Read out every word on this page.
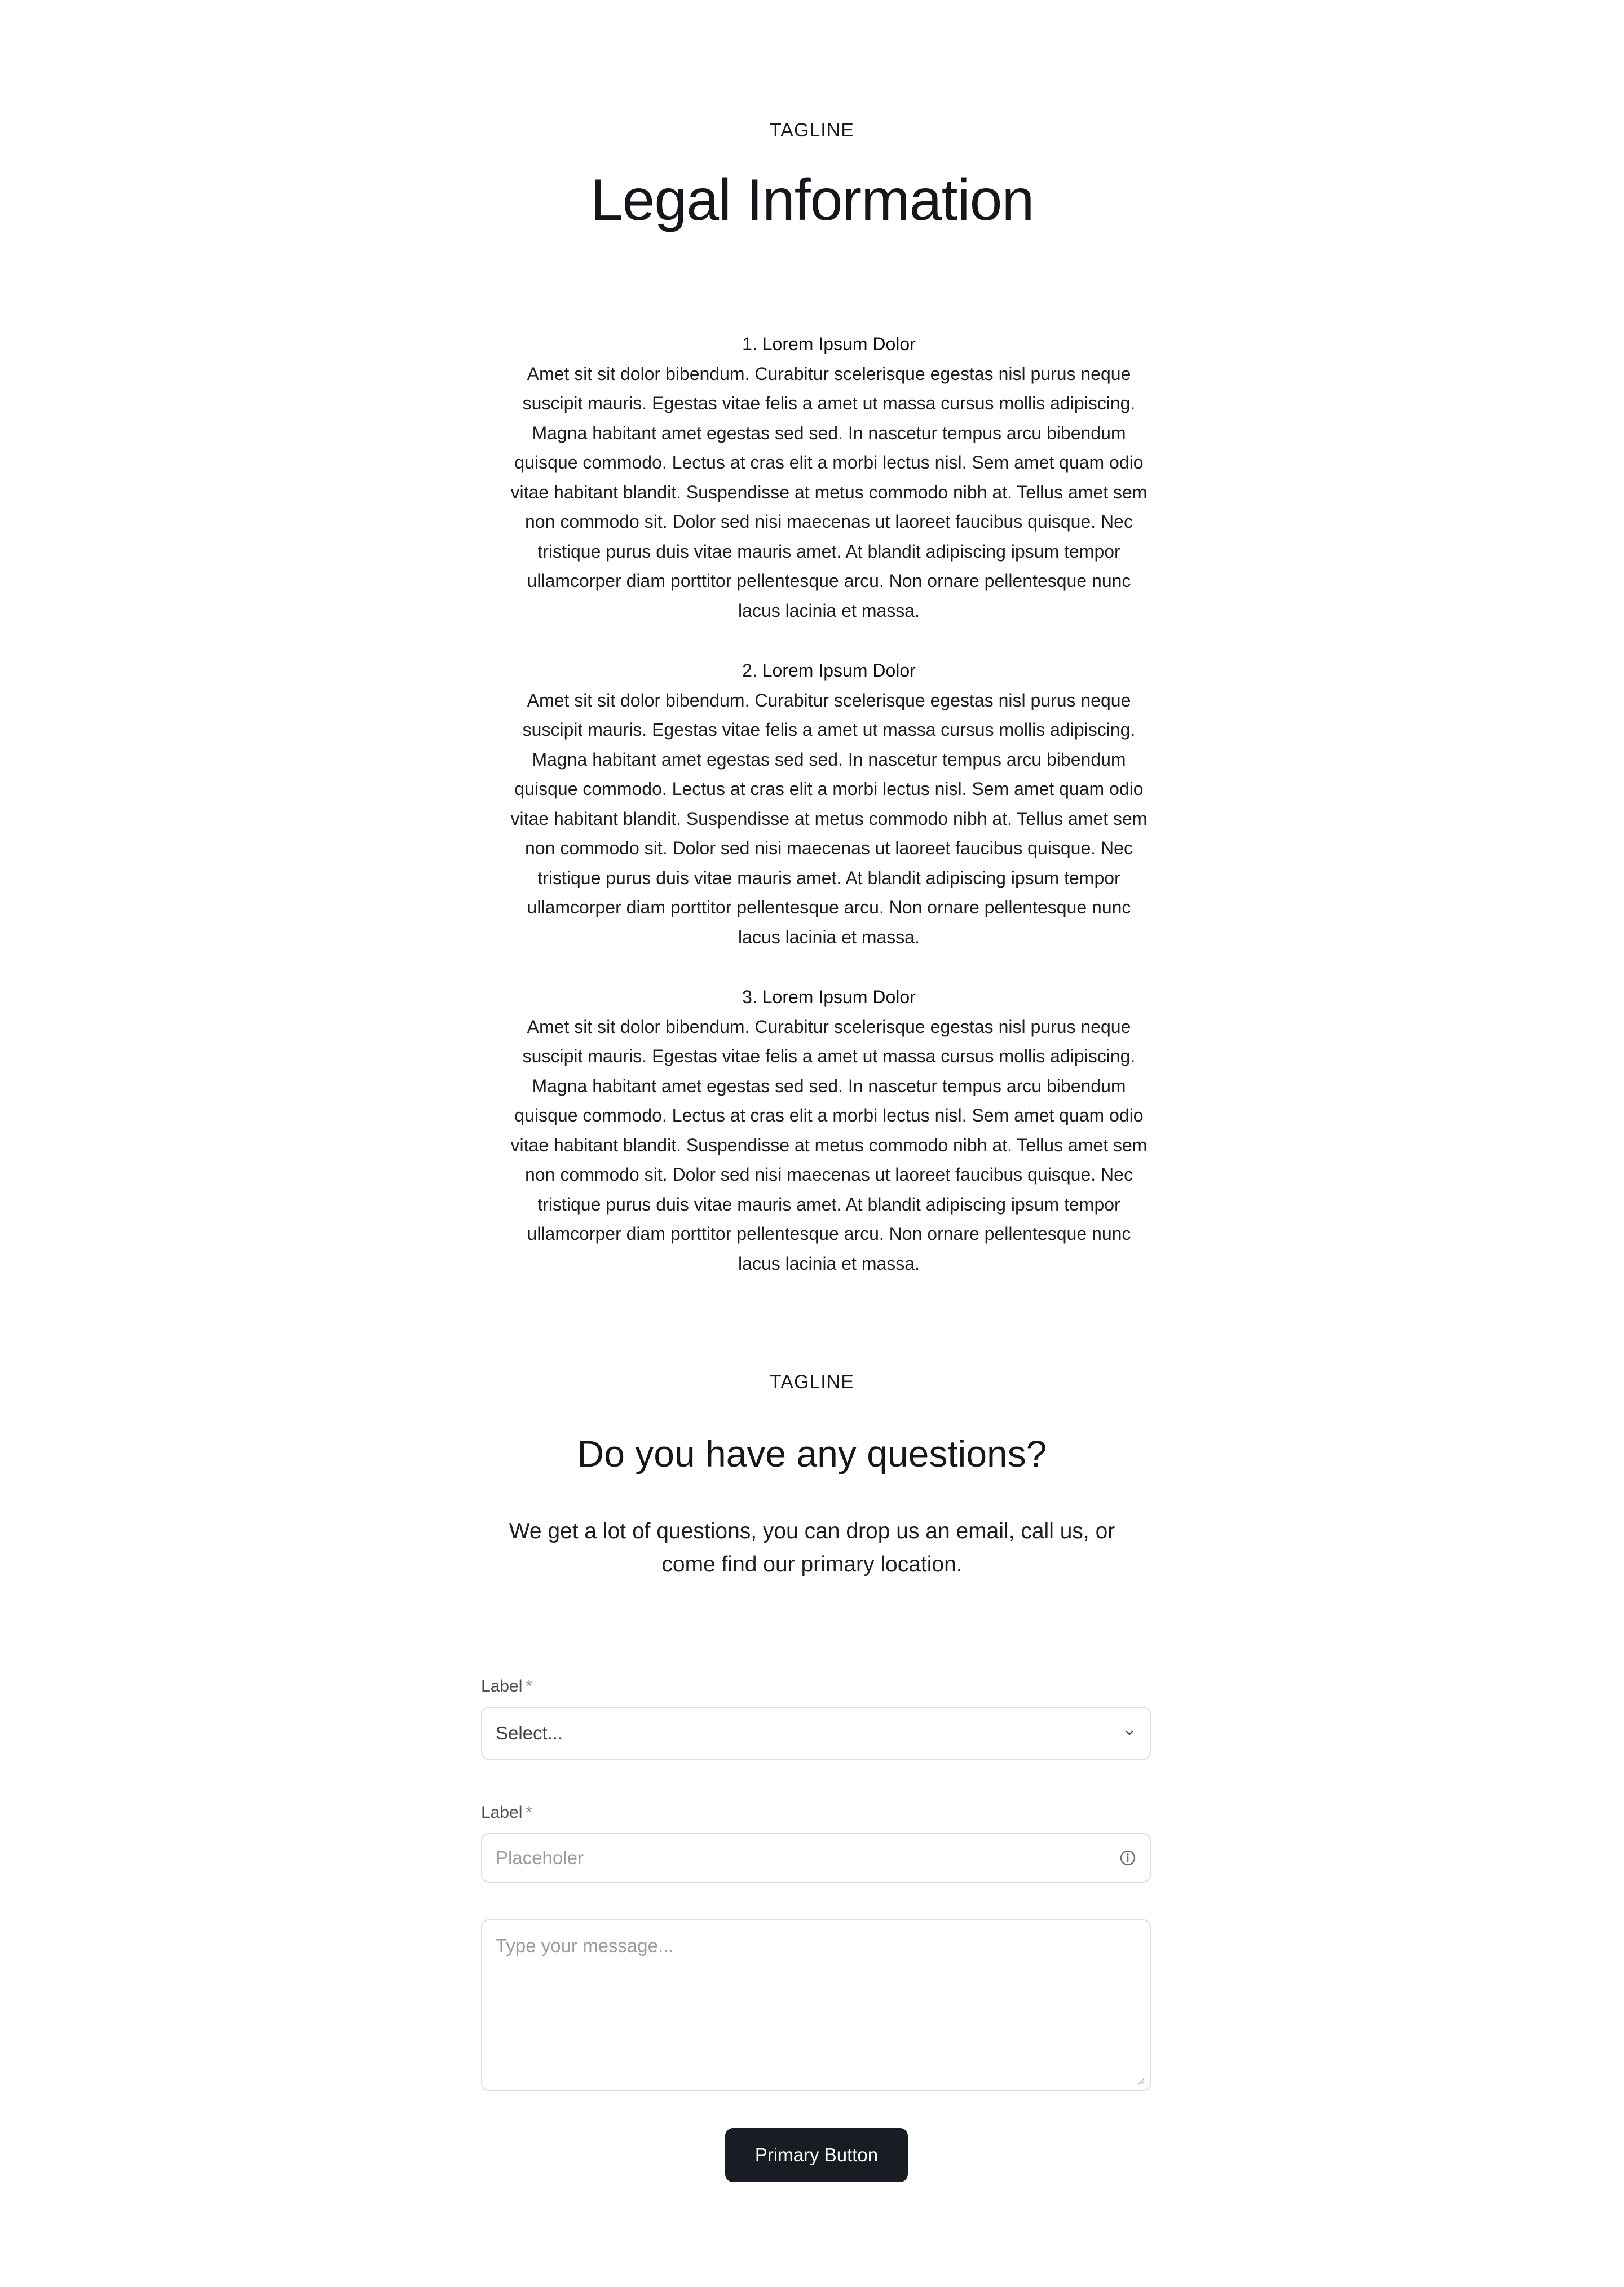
TAGLINE
Legal Information
1. Lorem Ipsum Dolor

Amet sit sit dolor bibendum. Curabitur scelerisque egestas nisl purus neque suscipit mauris. Egestas vitae felis a amet ut massa cursus mollis adipiscing. Magna habitant amet egestas sed sed. In nascetur tempus arcu bibendum quisque commodo. Lectus at cras elit a morbi lectus nisl. Sem amet quam odio vitae habitant blandit. Suspendisse at metus commodo nibh at. Tellus amet sem non commodo sit. Dolor sed nisi maecenas ut laoreet faucibus quisque. Nec tristique purus duis vitae mauris amet. At blandit adipiscing ipsum tempor ullamcorper diam porttitor pellentesque arcu. Non ornare pellentesque nunc lacus lacinia et massa.

2. Lorem Ipsum Dolor

Amet sit sit dolor bibendum. Curabitur scelerisque egestas nisl purus neque suscipit mauris. Egestas vitae felis a amet ut massa cursus mollis adipiscing. Magna habitant amet egestas sed sed. In nascetur tempus arcu bibendum quisque commodo. Lectus at cras elit a morbi lectus nisl. Sem amet quam odio vitae habitant blandit. Suspendisse at metus commodo nibh at. Tellus amet sem non commodo sit. Dolor sed nisi maecenas ut laoreet faucibus quisque. Nec tristique purus duis vitae mauris amet. At blandit adipiscing ipsum tempor ullamcorper diam porttitor pellentesque arcu. Non ornare pellentesque nunc lacus lacinia et massa.

3. Lorem Ipsum Dolor

Amet sit sit dolor bibendum. Curabitur scelerisque egestas nisl purus neque suscipit mauris. Egestas vitae felis a amet ut massa cursus mollis adipiscing. Magna habitant amet egestas sed sed. In nascetur tempus arcu bibendum quisque commodo. Lectus at cras elit a morbi lectus nisl. Sem amet quam odio vitae habitant blandit. Suspendisse at metus commodo nibh at. Tellus amet sem non commodo sit. Dolor sed nisi maecenas ut laoreet faucibus quisque. Nec tristique purus duis vitae mauris amet. At blandit adipiscing ipsum tempor ullamcorper diam porttitor pellentesque arcu. Non ornare pellentesque nunc lacus lacinia et massa.

TAGLINE
Do you have any questions?

We get a lot of questions, you can drop us an email, call us, or come find our primary location.

Label *
Select...
Label *
Placeholer
Type your message...
Primary Button
